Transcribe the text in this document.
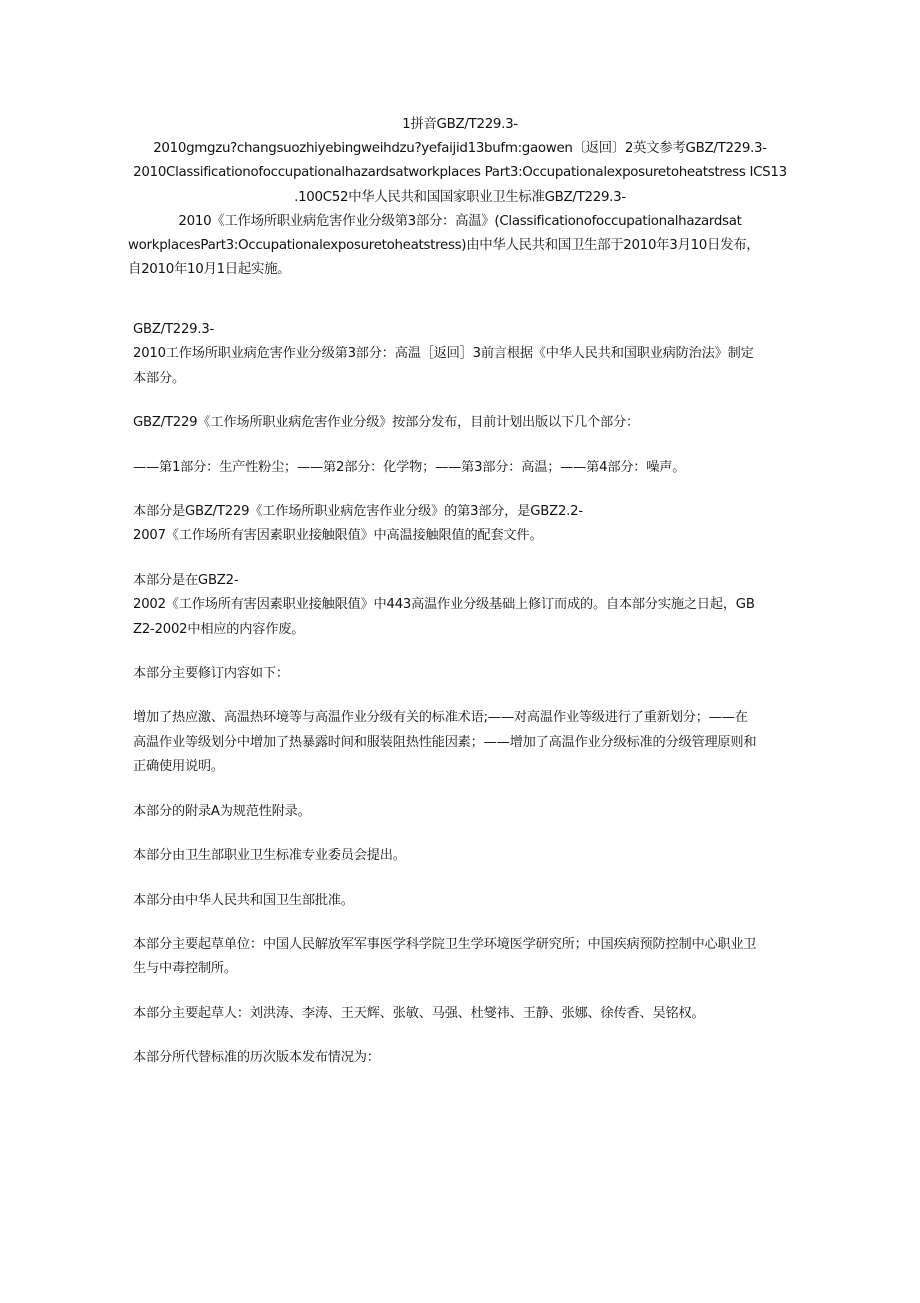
1拼音GBZ/T229.3-
2010gmgzu?changsuozhiyebingweihdzu?yefaijid13bufm:gaowen〔返回〕2英文参考GBZ/T229.3-
2010Classificationofoccupationalhazardsatworkplaces Part3:Occupationalexposuretoheatstress ICS13
.100C52中华人民共和国国家职业卫生标准GBZ/T229.3-
2010《工作场所职业病危害作业分级第3部分：高温》(Classificationofoccupationalhazardsat
workplacesPart3:Occupationalexposuretoheatstress)由中华人民共和国卫生部于2010年3月10日发布，
自2010年10月1日起实施。
GBZ/T229.3-
2010工作场所职业病危害作业分级第3部分：高温［返回］3前言根据《中华人民共和国职业病防治法》制定
本部分。
GBZ/T229《工作场所职业病危害作业分级》按部分发布，目前计划出版以下几个部分：
——第1部分：生产性粉尘；——第2部分：化学物；——第3部分：高温；——第4部分：噪声。
本部分是GBZ/T229《工作场所职业病危害作业分级》的第3部分，是GBZ2.2-
2007《工作场所有害因素职业接触限值》中高温接触限值的配套文件。
本部分是在GBZ2-
2002《工作场所有害因素职业接触限值》中443高温作业分级基础上修订而成的。自本部分实施之日起，GB
Z2-2002中相应的内容作废。
本部分主要修订内容如下：
增加了热应激、高温热环境等与高温作业分级有关的标准术语;——对高温作业等级进行了重新划分；——在
高温作业等级划分中增加了热暴露时间和服装阻热性能因素；——增加了高温作业分级标准的分级管理原则和
正确使用说明。
本部分的附录A为规范性附录。
本部分由卫生部职业卫生标准专业委员会提出。
本部分由中华人民共和国卫生部批准。
本部分主要起草单位：中国人民解放军军事医学科学院卫生学环境医学研究所；中国疾病预防控制中心职业卫
生与中毒控制所。
本部分主要起草人：刘洪涛、李涛、王天辉、张敏、马强、杜燮祎、王静、张娜、徐传香、吴铭权。
本部分所代替标准的历次版本发布情况为：
